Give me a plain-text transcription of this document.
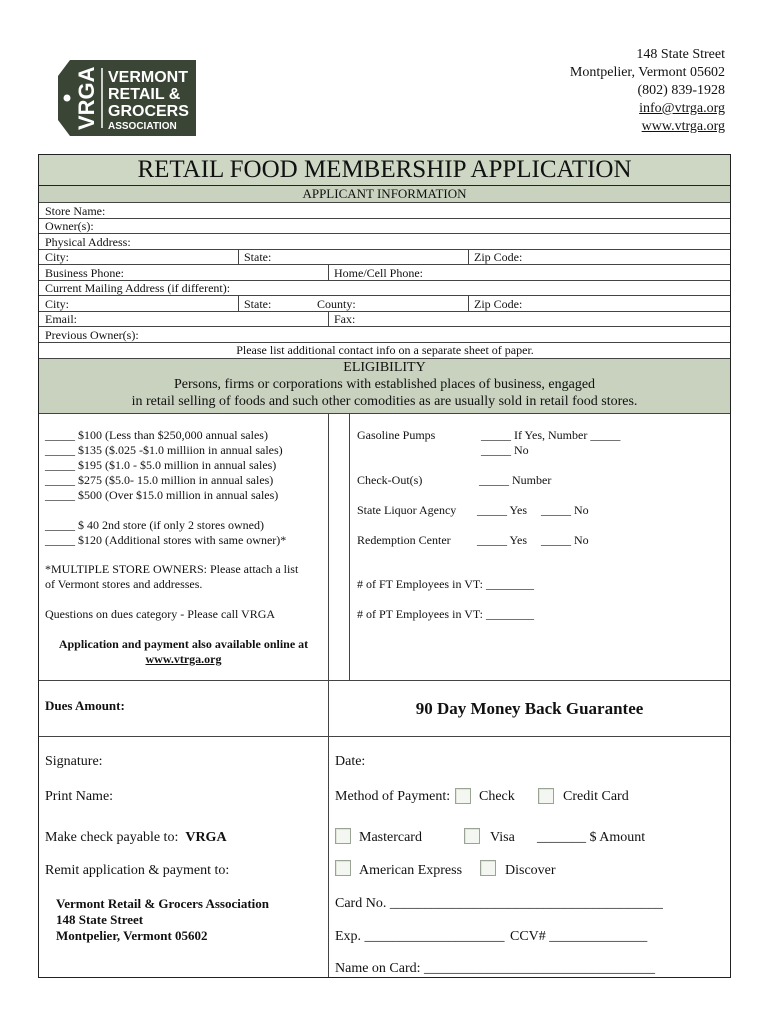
VRGA VERMONT
RETAIL &
GROCERS
ASSOCIATION
148 State Street
Montpelier, Vermont 05602
(802) 839-1928
info@vtrga.org
www.vtrga.org
RETAIL FOOD MEMBERSHIP APPLICATION
APPLICANT INFORMATION
Store Name:
Owner(s):
Physical Address:
City:	State:	Zip Code:
Business Phone:	Home/Cell Phone:
Current Mailing Address (if different):
City:	State:	County:	Zip Code:
Email:	Fax:
Previous Owner(s):
Please list additional contact info on a separate sheet of paper.
ELIGIBILITY
Persons, firms or corporations with established places of business, engaged
in retail selling of foods and such other comodities as are usually sold in retail food stores.
_____ $100 (Less than $250,000 annual sales)
_____ $135 ($.025 -$1.0 milliion in annual sales)
_____ $195 ($1.0 - $5.0 million in annual sales)
_____ $275 ($5.0- 15.0 million in annual sales)
_____ $500 (Over $15.0 million in annual sales)
_____ $ 40 2nd store (if only 2 stores owned)
_____ $120 (Additional stores with same owner)*
*MULTIPLE STORE OWNERS: Please attach a list
of Vermont stores and addresses.
Questions on dues category - Please call VRGA
Application and payment also available online at
www.vtrga.org
Gasoline Pumps	_____ If Yes, Number _____
_____ No
Check-Out(s)	_____ Number
State Liquor Agency _____ Yes _____ No
Redemption Center _____ Yes _____ No
# of FT Employees in VT: ________
# of PT Employees in VT: ________
Dues Amount:	90 Day Money Back Guarantee
Signature:	Date:
Print Name:	Method of Payment: Check	Credit Card
Make check payable to: VRGA	Mastercard	Visa _______ $ Amount
Remit application & payment to:	American Express	Discover
Vermont Retail & Grocers Association
148 State Street
Montpelier, Vermont 05602
Card No. _______________________________________
Exp. ____________________ CCV# ______________
Name on Card: _________________________________
